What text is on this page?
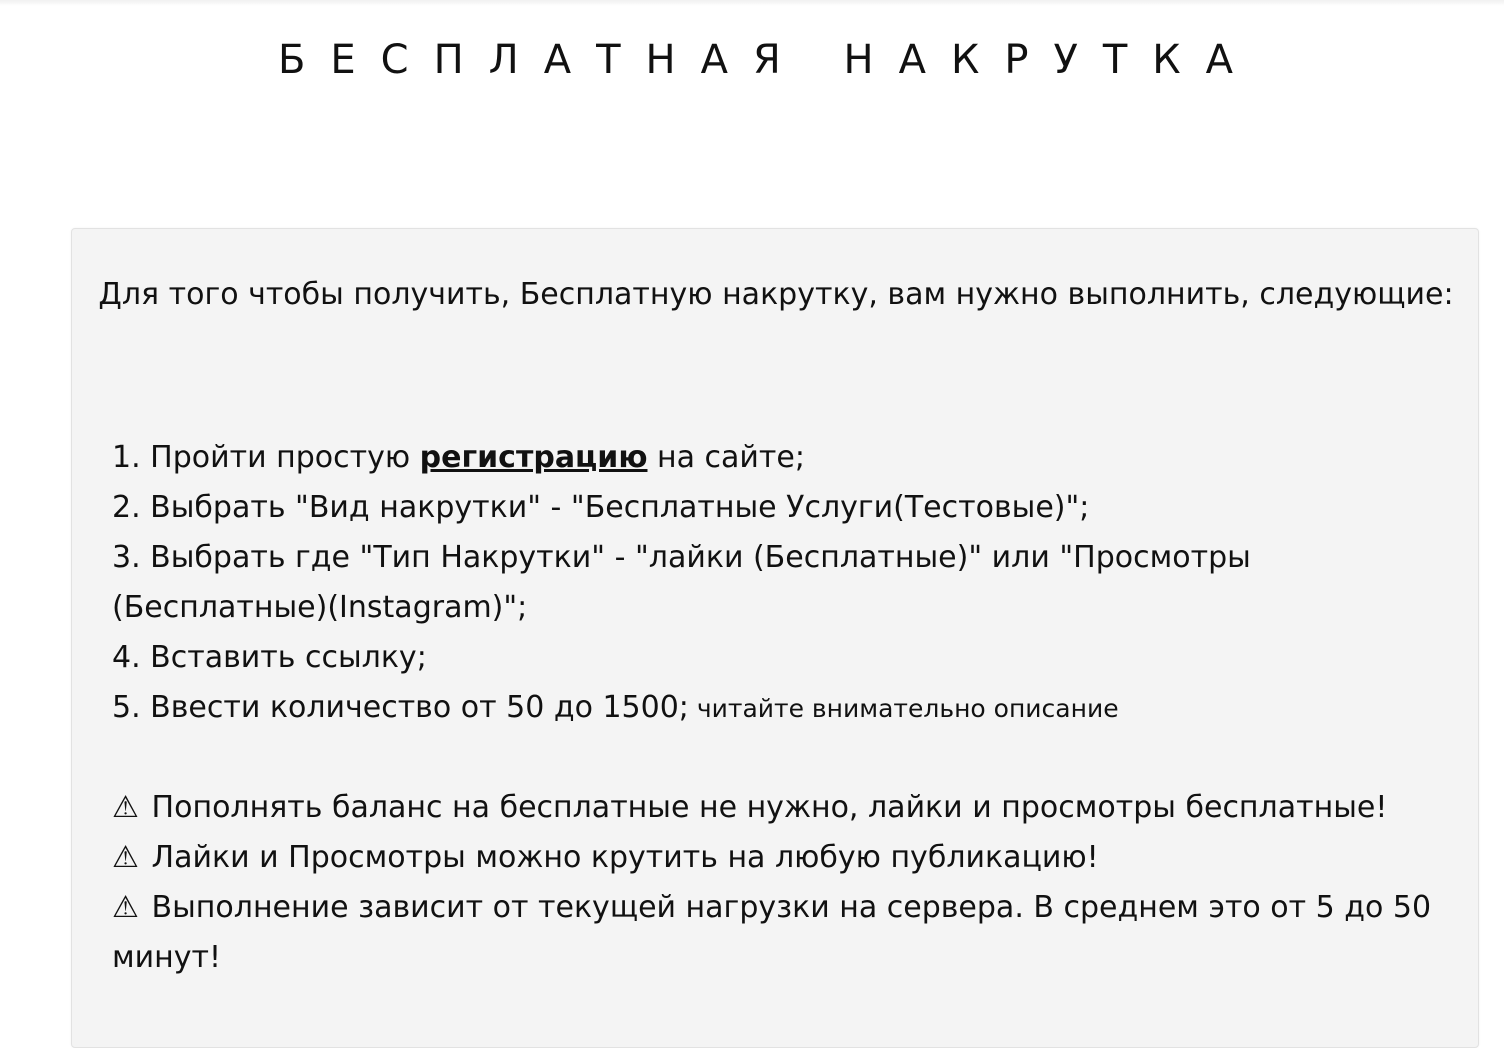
БЕСПЛАТНАЯ НАКРУТКА

Для того чтобы получить, Бесплатную накрутку, вам нужно выполнить, следующие:

1. Пройти простую регистрацию на сайте;
2. Выбрать "Вид накрутки" - "Бесплатные Услуги(Тестовые)";
3. Выбрать где "Тип Накрутки" - "лайки (Бесплатные)" или "Просмотры (Бесплатные)(Instagram)";
4. Вставить ссылку;
5. Ввести количество от 50 до 1500; читайте внимательно описание
⚠ Пополнять баланс на бесплатные не нужно, лайки и просмотры бесплатные!
⚠ Лайки и Просмотры можно крутить на любую публикацию!
⚠ Выполнение зависит от текущей нагрузки на сервера. В среднем это от 5 до 50 минут!
